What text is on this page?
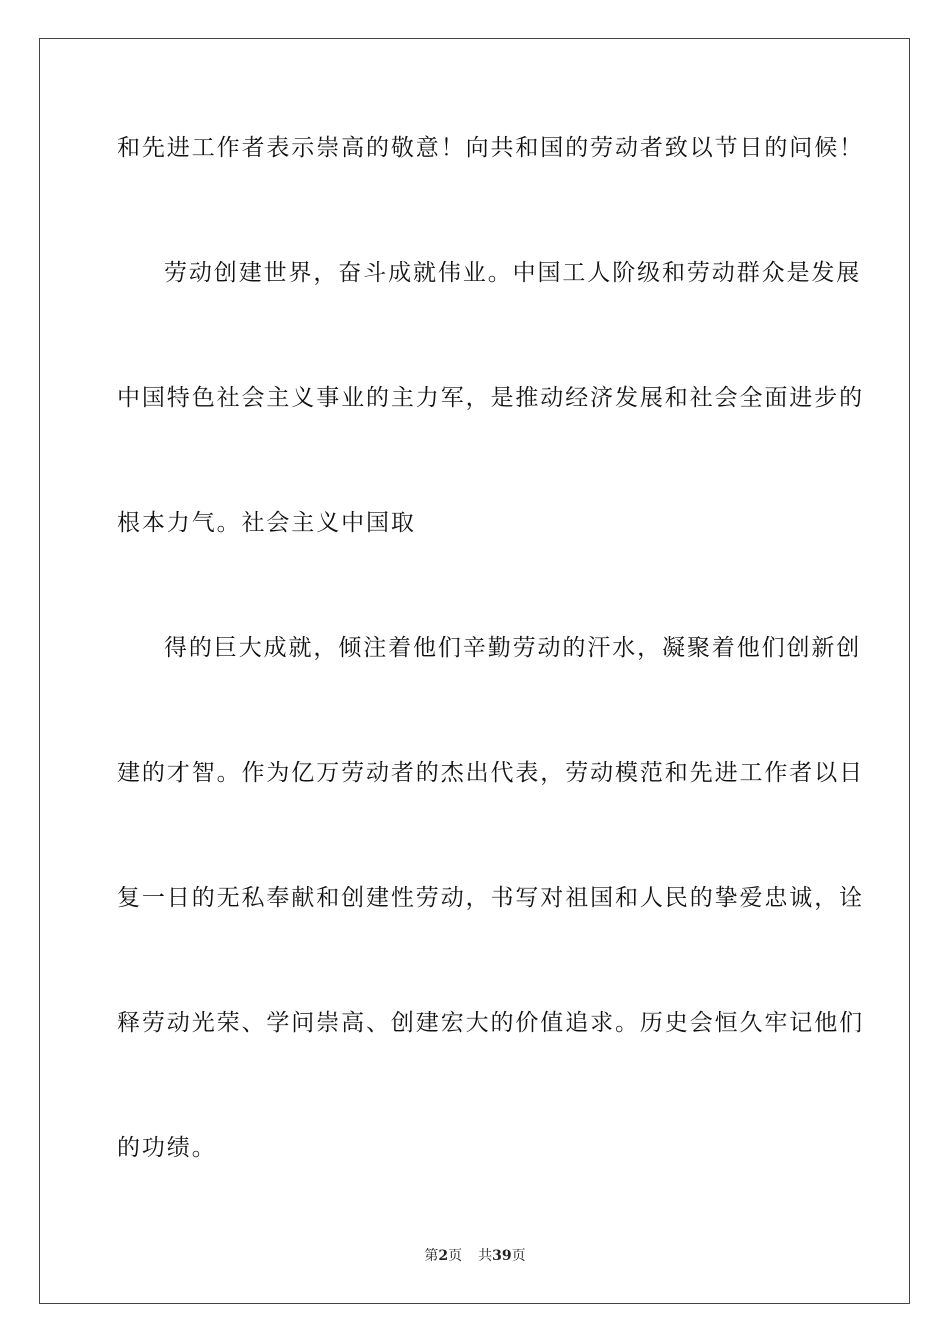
和先进工作者表示崇高的敬意！向共和国的劳动者致以节日的问候！
劳动创建世界，奋斗成就伟业。中国工人阶级和劳动群众是发展
中国特色社会主义事业的主力军，是推动经济发展和社会全面进步的
根本力气。社会主义中国取
得的巨大成就，倾注着他们辛勤劳动的汗水，凝聚着他们创新创
建的才智。作为亿万劳动者的杰出代表，劳动模范和先进工作者以日
复一日的无私奉献和创建性劳动，书写对祖国和人民的挚爱忠诚，诠
释劳动光荣、学问崇高、创建宏大的价值追求。历史会恒久牢记他们
的功绩。
第2页 共39页
